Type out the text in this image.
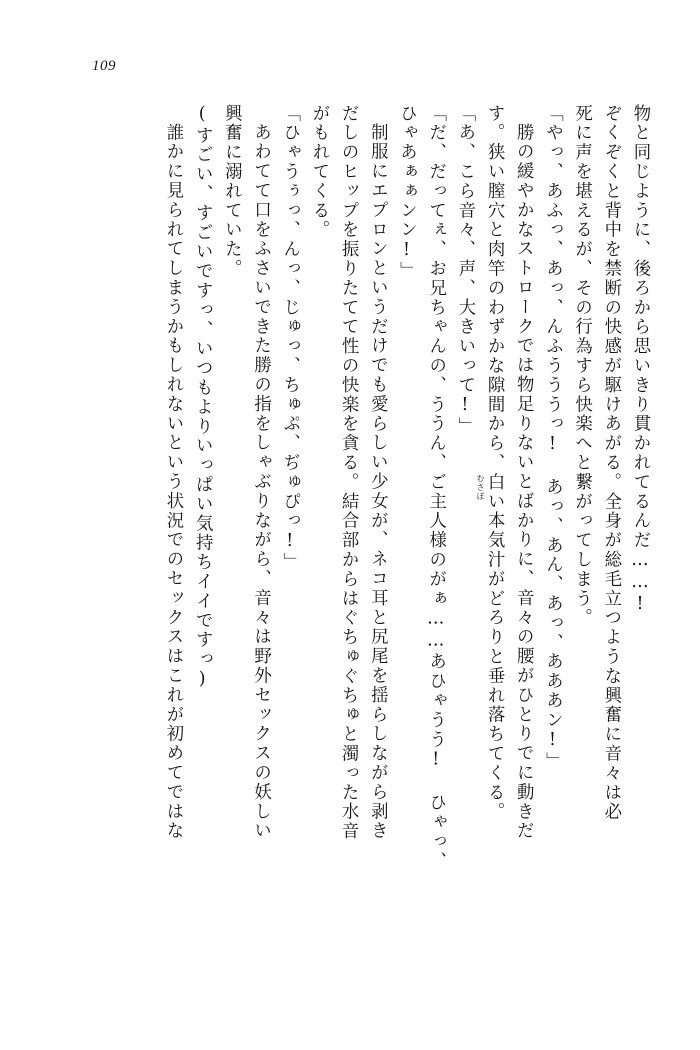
109
物と同じように、後ろから思いきり貫かれてるんだ……!
ぞくぞくと背中を禁断の快感が駆けあがる。全身が総毛立つような興奮に音々は必
死に声を堪えるが、その行為すら快楽へと繋がってしまう。
「やっ、あふっ、あっ、んふうううっ! あっ、あん、あっ、あああン!」
勝の緩やかなストロークでは物足りないとばかりに、音々の腰がひとりでに動きだ
す。狭い膣穴と肉竿のわずかな隙間から、白い本気汁がどろりと垂れ落ちてくる。
「あ、こら音々、声、大きいって!」
「だ、だってぇ、お兄ちゃんの、ううん、ご主人様のがぁ……あひゃうう! ひゃっ、
ひゃあぁぁンン!」
制服にエプロンというだけでも愛らしい少女が、ネコ耳と尻尾を揺らしながら剥き
だしのヒップを振りたてて性の快楽を貪る。結合部からはぐちゅぐちゅと濁った水音
がもれてくる。
「ひゃうぅっ、んっ、じゅっ、ちゅぷ、ぢゅぴっ!」
あわてて口をふさいできた勝の指をしゃぶりながら、音々は野外セックスの妖しい
興奮に溺れていた。
(すごい、すごいですっ、いつもよりいっぱい気持ちイイですっ)
誰かに見られてしまうかもしれないという状況でのセックスはこれが初めてではな	むさぼ
